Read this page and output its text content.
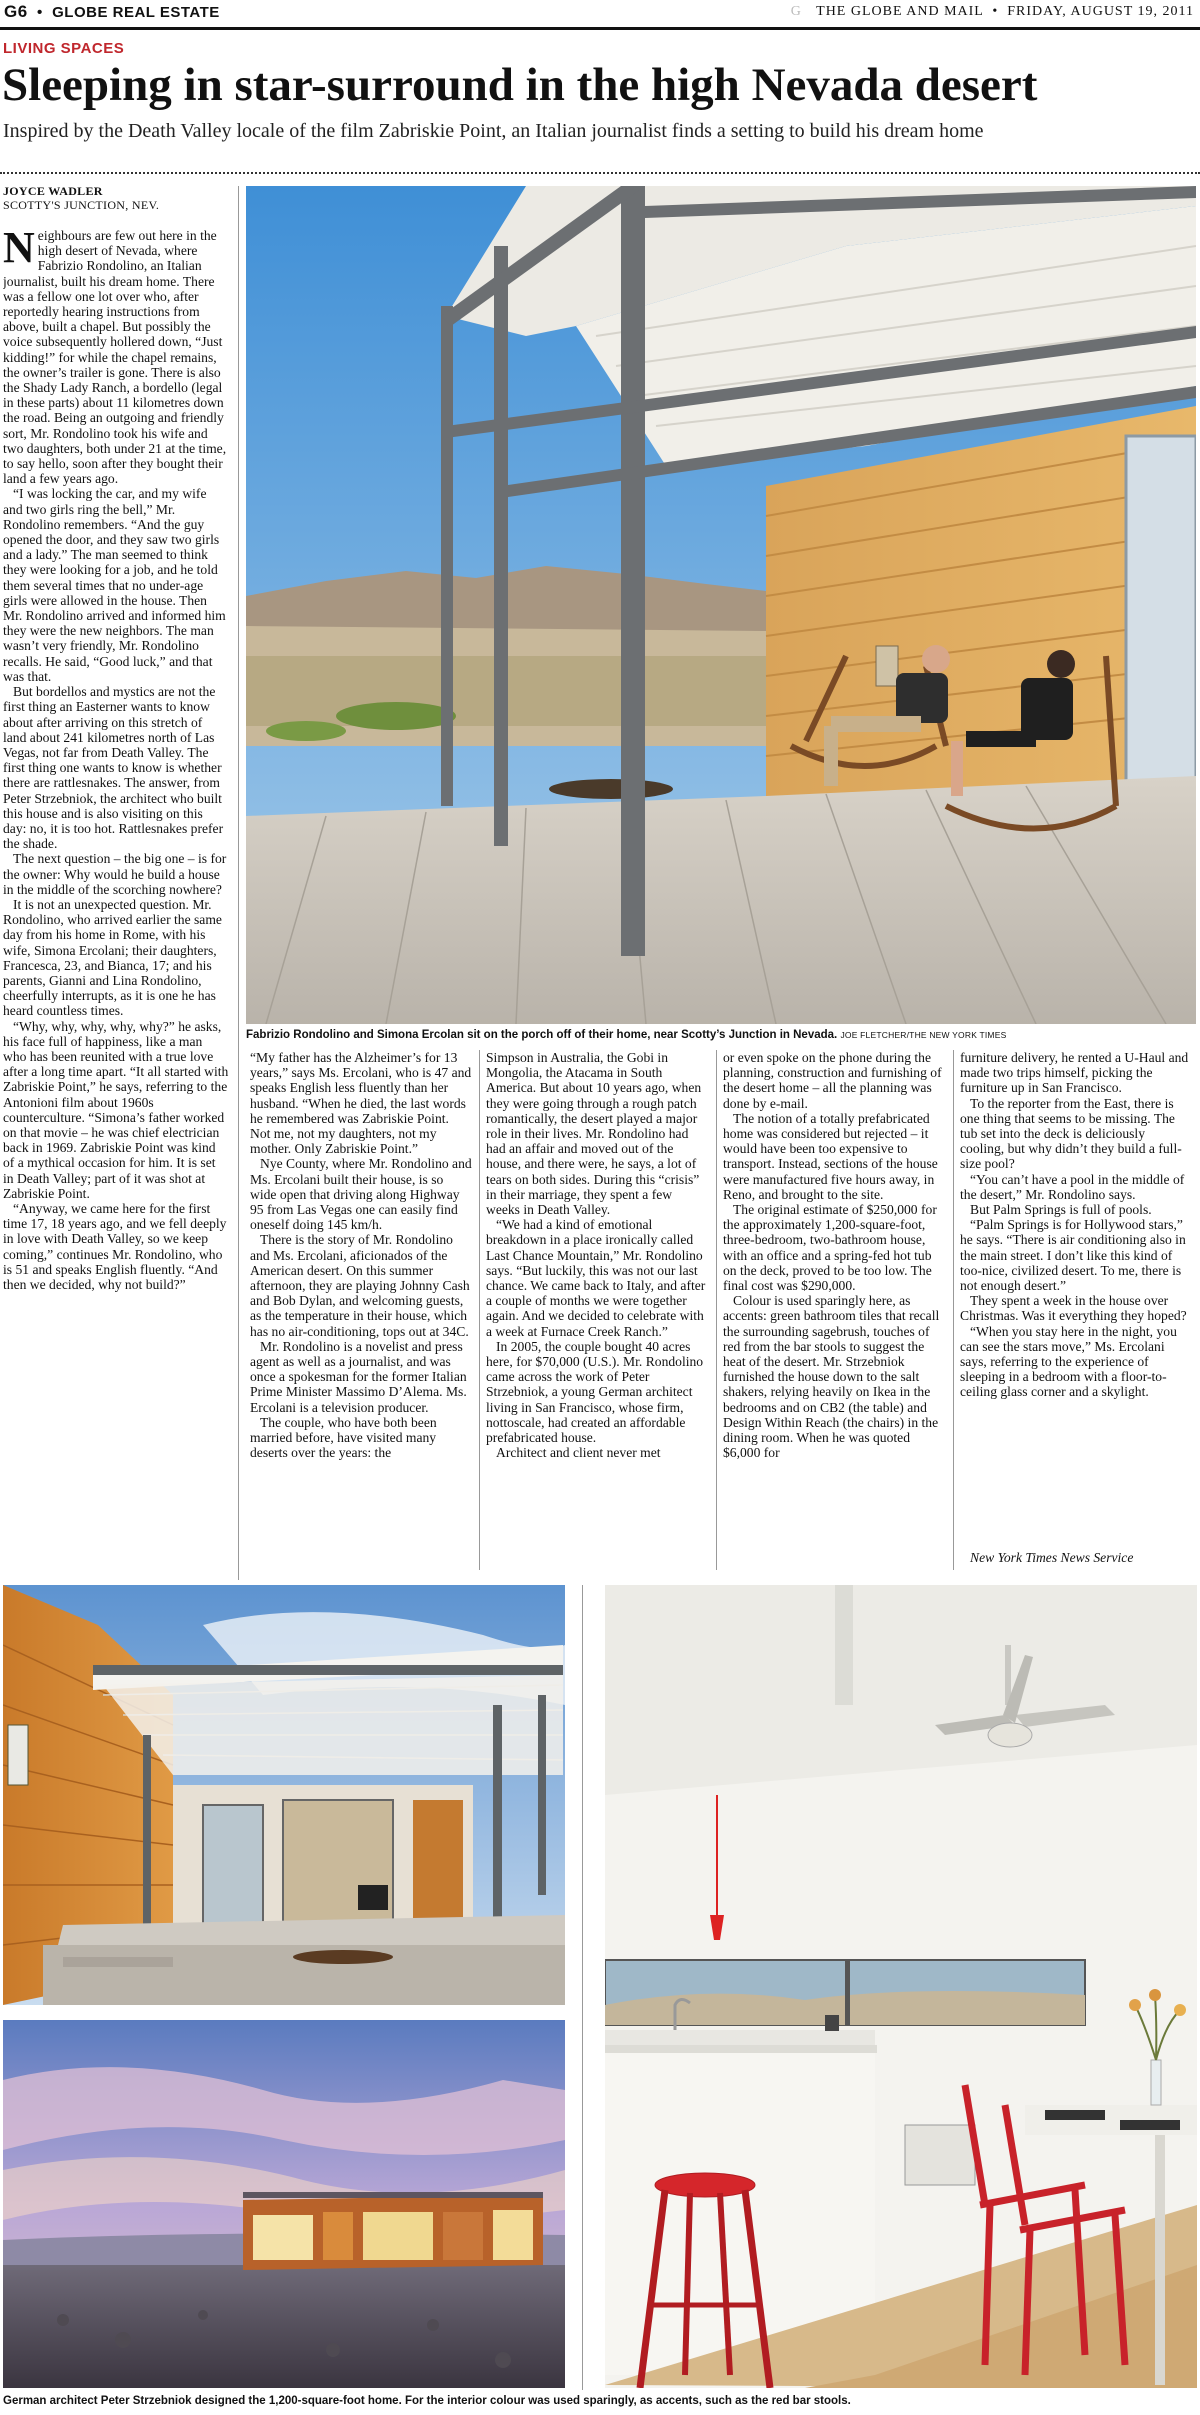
G6  •  GLOBE REAL ESTATE	G THE GLOBE AND MAIL  •  FRIDAY, AUGUST 19, 2011
LIVING SPACES
Sleeping in star-surround in the high Nevada desert
Inspired by the Death Valley locale of the film Zabriskie Point, an Italian journalist finds a setting to build his dream home
JOYCE WADLER
SCOTTY'S JUNCTION, NEV.

Neighbours are few out here in the high desert of Nevada, where Fabrizio Rondolino, an Italian journalist, built his dream home. There was a fellow one lot over who, after reportedly hearing instructions from above, built a chapel. But possibly the voice subsequently hollered down, “Just kidding!” for while the chapel remains, the owner’s trailer is gone. There is also the Shady Lady Ranch, a bordello (legal in these parts) about 11 kilometres down the road. Being an outgoing and friendly sort, Mr. Rondolino took his wife and two daughters, both under 21 at the time, to say hello, soon after they bought their land a few years ago.

“I was locking the car, and my wife and two girls ring the bell,” Mr. Rondolino remembers. “And the guy opened the door, and they saw two girls and a lady.” The man seemed to think they were looking for a job, and he told them several times that no under-age girls were allowed in the house. Then Mr. Rondolino arrived and informed him they were the new neighbors. The man wasn’t very friendly, Mr. Rondolino recalls. He said, “Good luck,” and that was that.

But bordellos and mystics are not the first thing an Easterner wants to know about after arriving on this stretch of land about 241 kilometres north of Las Vegas, not far from Death Valley. The first thing one wants to know is whether there are rattlesnakes. The answer, from Peter Strzebniok, the architect who built this house and is also visiting on this day: no, it is too hot. Rattlesnakes prefer the shade.

The next question – the big one – is for the owner: Why would he build a house in the middle of the scorching nowhere?

It is not an unexpected question. Mr. Rondolino, who arrived earlier the same day from his home in Rome, with his wife, Simona Ercolani; their daughters, Francesca, 23, and Bianca, 17; and his parents, Gianni and Lina Rondolino, cheerfully interrupts, as it is one he has heard countless times.

“Why, why, why, why, why?” he asks, his face full of happiness, like a man who has been reunited with a true love after a long time apart. “It all started with Zabriskie Point,” he says, referring to the Antonioni film about 1960s counterculture. “Simona’s father worked on that movie – he was chief electrician back in 1969. Zabriskie Point was kind of a mythical occasion for him. It is set in Death Valley; part of it was shot at Zabriskie Point.

“Anyway, we came here for the first time 17, 18 years ago, and we fell deeply in love with Death Valley, so we keep coming,” continues Mr. Rondolino, who is 51 and speaks English fluently. “And then we decided, why not build?”

Fabrizio Rondolino and Simona Ercolan sit on the porch off of their home, near Scotty’s Junction in Nevada. JOE FLETCHER/THE NEW YORK TIMES

“My father has the Alzheimer’s for 13 years,” says Ms. Ercolani, who is 47 and speaks English less fluently than her husband. “When he died, the last words he remembered was Zabriskie Point. Not me, not my daughters, not my mother. Only Zabriskie Point.”

Nye County, where Mr. Rondolino and Ms. Ercolani built their house, is so wide open that driving along Highway 95 from Las Vegas one can easily find oneself doing 145 km/h.

There is the story of Mr. Rondolino and Ms. Ercolani, aficionados of the American desert. On this summer afternoon, they are playing Johnny Cash and Bob Dylan, and welcoming guests, as the temperature in their house, which has no air-conditioning, tops out at 34C.

Mr. Rondolino is a novelist and press agent as well as a journalist, and was once a spokesman for the former Italian Prime Minister Massimo D’Alema. Ms. Ercolani is a television producer.

The couple, who have both been married before, have visited many deserts over the years: the

Simpson in Australia, the Gobi in Mongolia, the Atacama in South America. But about 10 years ago, when they were going through a rough patch romantically, the desert played a major role in their lives. Mr. Rondolino had had an affair and moved out of the house, and there were, he says, a lot of tears on both sides. During this “crisis” in their marriage, they spent a few weeks in Death Valley.

“We had a kind of emotional breakdown in a place ironically called Last Chance Mountain,” Mr. Rondolino says. “But luckily, this was not our last chance. We came back to Italy, and after a couple of months we were together again. And we decided to celebrate with a week at Furnace Creek Ranch.”

In 2005, the couple bought 40 acres here, for $70,000 (U.S.). Mr. Rondolino came across the work of Peter Strzebniok, a young German architect living in San Francisco, whose firm, nottoscale, had created an affordable prefabricated house.

Architect and client never met

or even spoke on the phone during the planning, construction and furnishing of the desert home – all the planning was done by e-mail.

The notion of a totally prefabricated home was considered but rejected – it would have been too expensive to transport. Instead, sections of the house were manufactured five hours away, in Reno, and brought to the site.

The original estimate of $250,000 for the approximately 1,200-square-foot, three-bedroom, two-bathroom house, with an office and a spring-fed hot tub on the deck, proved to be too low. The final cost was $290,000.

Colour is used sparingly here, as accents: green bathroom tiles that recall the surrounding sagebrush, touches of red from the bar stools to suggest the heat of the desert. Mr. Strzebniok furnished the house down to the salt shakers, relying heavily on Ikea in the bedrooms and on CB2 (the table) and Design Within Reach (the chairs) in the dining room. When he was quoted $6,000 for

furniture delivery, he rented a U-Haul and made two trips himself, picking the furniture up in San Francisco.

To the reporter from the East, there is one thing that seems to be missing. The tub set into the deck is deliciously cooling, but why didn’t they build a full-size pool?

“You can’t have a pool in the middle of the desert,” Mr. Rondolino says.

But Palm Springs is full of pools.

“Palm Springs is for Hollywood stars,” he says. “There is air conditioning also in the main street. I don’t like this kind of too-nice, civilized desert. To me, there is not enough desert.”

They spent a week in the house over Christmas. Was it everything they hoped?

“When you stay here in the night, you can see the stars move,” Ms. Ercolani says, referring to the experience of sleeping in a bedroom with a floor-to-ceiling glass corner and a skylight.

New York Times News Service
German architect Peter Strzebniok designed the 1,200-square-foot home. For the interior colour was used sparingly, as accents, such as the red bar stools.
